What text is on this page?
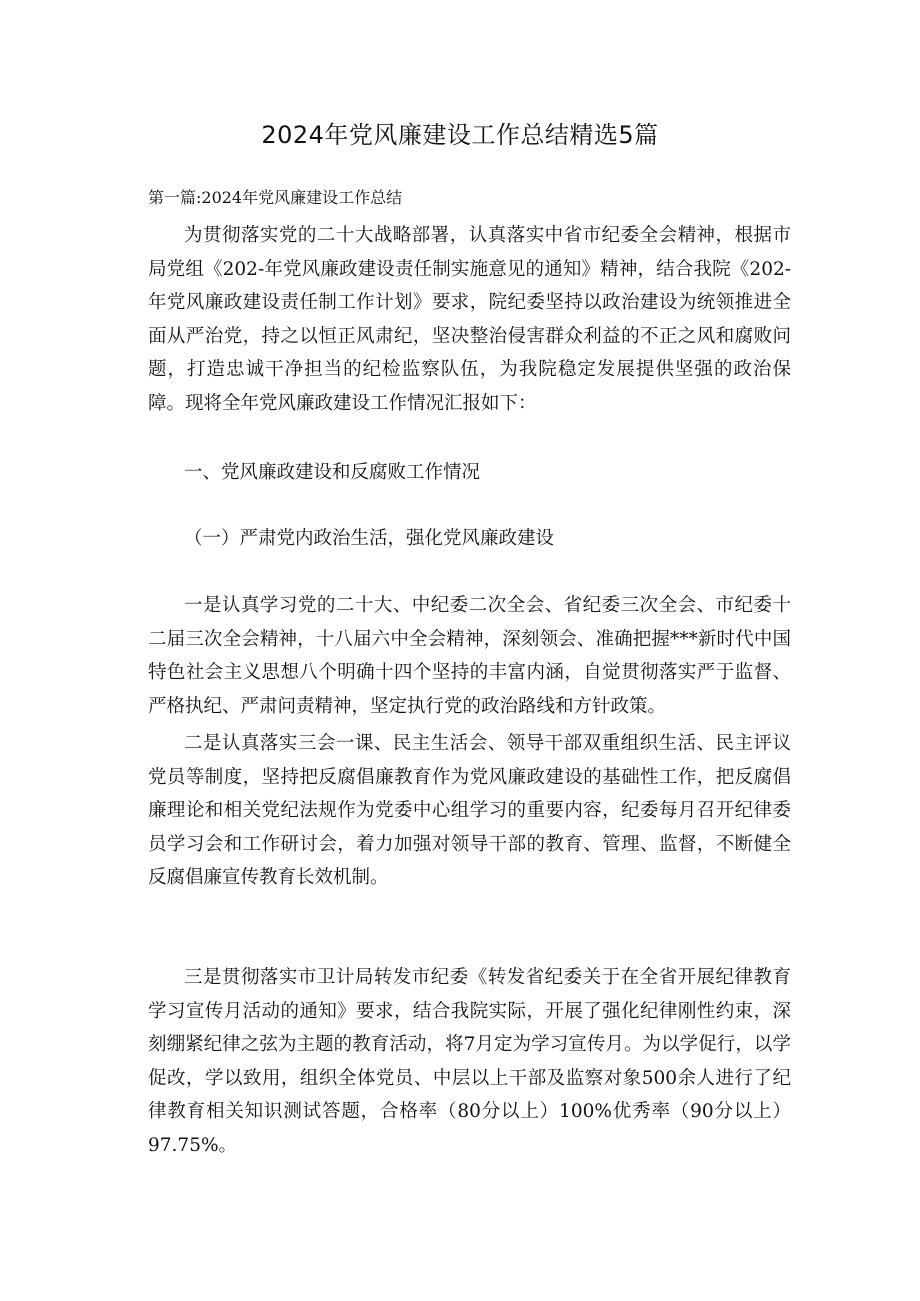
2024年党风廉建设工作总结精选5篇

第一篇:2024年党风廉建设工作总结

为贯彻落实党的二十大战略部署，认真落实中省市纪委全会精神，根据市局党组《202-年党风廉政建设责任制实施意见的通知》精神，结合我院《202-年党风廉政建设责任制工作计划》要求，院纪委坚持以政治建设为统领推进全面从严治党，持之以恒正风肃纪，坚决整治侵害群众利益的不正之风和腐败问题，打造忠诚干净担当的纪检监察队伍，为我院稳定发展提供坚强的政治保障。现将全年党风廉政建设工作情况汇报如下：

一、党风廉政建设和反腐败工作情况

（一）严肃党内政治生活，强化党风廉政建设

一是认真学习党的二十大、中纪委二次全会、省纪委三次全会、市纪委十二届三次全会精神，十八届六中全会精神，深刻领会、准确把握***新时代中国特色社会主义思想八个明确十四个坚持的丰富内涵，自觉贯彻落实严于监督、严格执纪、严肃问责精神，坚定执行党的政治路线和方针政策。

二是认真落实三会一课、民主生活会、领导干部双重组织生活、民主评议党员等制度，坚持把反腐倡廉教育作为党风廉政建设的基础性工作，把反腐倡廉理论和相关党纪法规作为党委中心组学习的重要内容，纪委每月召开纪律委员学习会和工作研讨会，着力加强对领导干部的教育、管理、监督，不断健全反腐倡廉宣传教育长效机制。

三是贯彻落实市卫计局转发市纪委《转发省纪委关于在全省开展纪律教育学习宣传月活动的通知》要求，结合我院实际，开展了强化纪律刚性约束，深刻绷紧纪律之弦为主题的教育活动，将7月定为学习宣传月。为以学促行，以学促改，学以致用，组织全体党员、中层以上干部及监察对象500余人进行了纪律教育相关知识测试答题，合格率（80分以上）100%优秀率（90分以上）97.75%。
